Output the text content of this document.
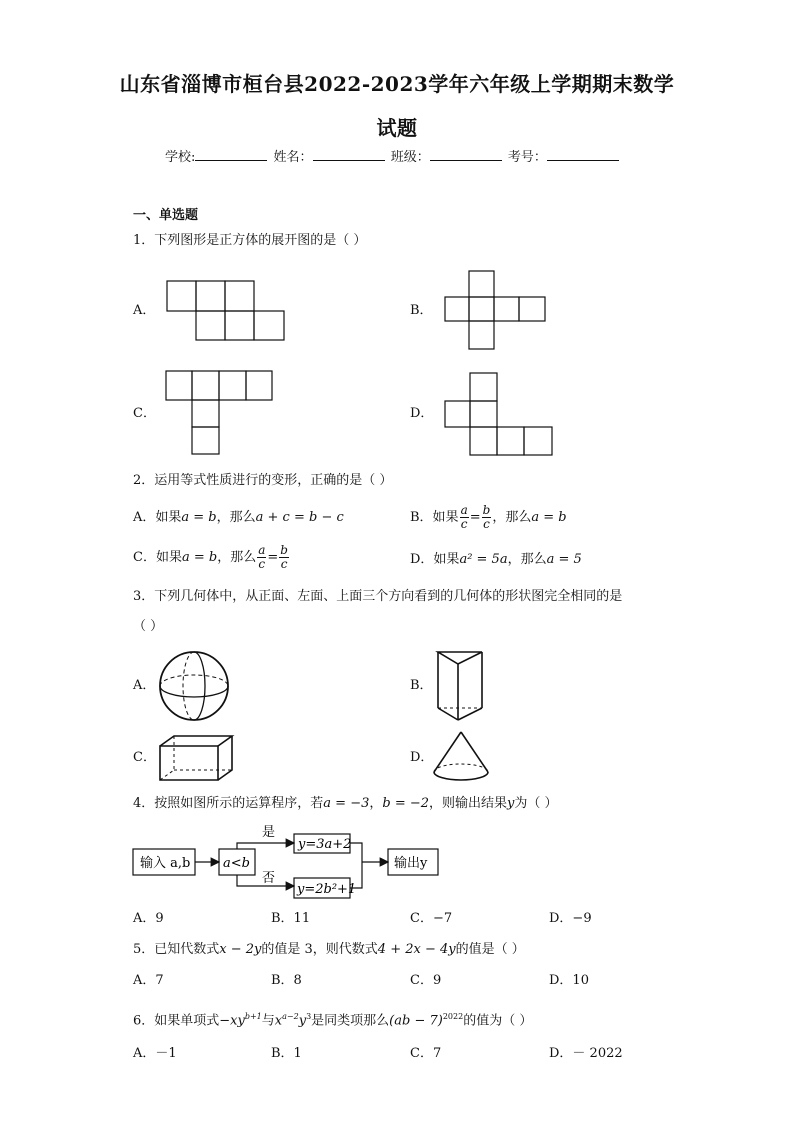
山东省淄博市桓台县2022-2023学年六年级上学期期末数学
试题
学校:	姓名：	班级：	考号：
一、单选题
1．下列图形是正方体的展开图的是（ ）
A．	B．
C．	D．
2．运用等式性质进行的变形，正确的是（ ）
A．如果a = b，那么a + c = b − c	B．如果 $\frac{a}{c} = \frac{b}{c}$ ，那么a = b
C．如果a = b，那么 $\frac{a}{c} = \frac{b}{c}$	D．如果a² = 5a，那么a = 5
3．下列几何体中，从正面、左面、上面三个方向看到的几何体的形状图完全相同的是
（ ）
A．	B．
C．	D．
4．按照如图所示的运算程序，若a = −3，b = −2，则输出结果y为（ ）
输入 a,b	a<b
是
否
y=3a+2
y=2b²+1
输出y
A．9	B．11	C．−7	D．−9
5．已知代数式x − 2y的值是 3，则代数式4 + 2x − 4y的值是（ ）
A．7	B．8	C．9	D．10
6．如果单项式$-xy^{b+1}$与$x^{a-2}y^3$是同类项那么(ab − 7)$^{2022}$的值为（ ）
A．－1	B．1	C．7	D．－ 2022
